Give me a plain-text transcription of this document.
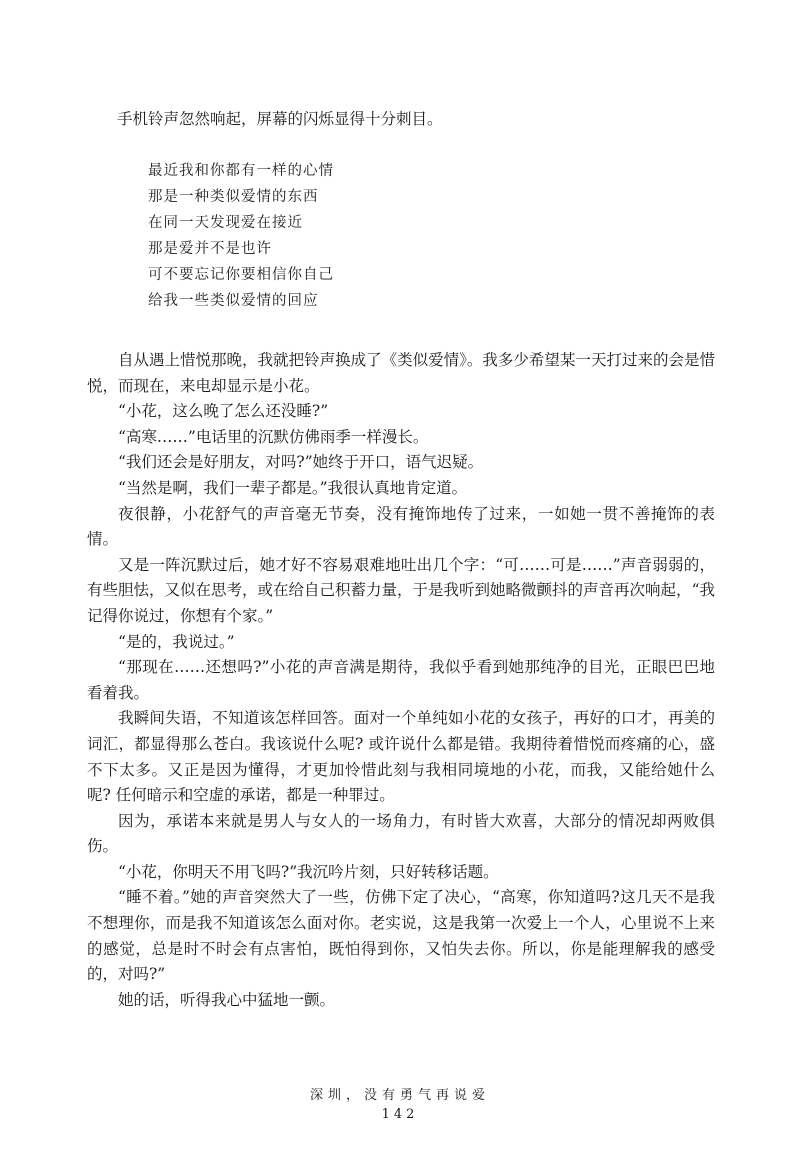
手机铃声忽然响起，屏幕的闪烁显得十分刺目。

最近我和你都有一样的心情
那是一种类似爱情的东西
在同一天发现爱在接近
那是爱并不是也许
可不要忘记你要相信你自己
给我一些类似爱情的回应

自从遇上惜悦那晚，我就把铃声换成了《类似爱情》。我多少希望某一天打过来的会是惜悦，而现在，来电却显示是小花。

“小花，这么晚了怎么还没睡?”

“高寒……”电话里的沉默仿佛雨季一样漫长。

“我们还会是好朋友，对吗?”她终于开口，语气迟疑。

“当然是啊，我们一辈子都是。”我很认真地肯定道。

夜很静，小花舒气的声音毫无节奏，没有掩饰地传了过来，一如她一贯不善掩饰的表情。

又是一阵沉默过后，她才好不容易艰难地吐出几个字：“可……可是……”声音弱弱的，有些胆怯，又似在思考，或在给自己积蓄力量，于是我听到她略微颤抖的声音再次响起，“我记得你说过，你想有个家。”

“是的，我说过。”

“那现在……还想吗?”小花的声音满是期待，我似乎看到她那纯净的目光，正眼巴巴地看着我。

我瞬间失语，不知道该怎样回答。面对一个单纯如小花的女孩子，再好的口才，再美的词汇，都显得那么苍白。我该说什么呢? 或许说什么都是错。我期待着惜悦而疼痛的心，盛不下太多。又正是因为懂得，才更加怜惜此刻与我相同境地的小花，而我，又能给她什么呢? 任何暗示和空虚的承诺，都是一种罪过。

因为，承诺本来就是男人与女人的一场角力，有时皆大欢喜，大部分的情况却两败俱伤。

“小花，你明天不用飞吗?”我沉吟片刻，只好转移话题。

“睡不着。”她的声音突然大了一些，仿佛下定了决心，“高寒，你知道吗?这几天不是我不想理你，而是我不知道该怎么面对你。老实说，这是我第一次爱上一个人，心里说不上来的感觉，总是时不时会有点害怕，既怕得到你，又怕失去你。所以，你是能理解我的感受的，对吗?”

她的话，听得我心中猛地一颤。

深圳，没有勇气再说爱

142
